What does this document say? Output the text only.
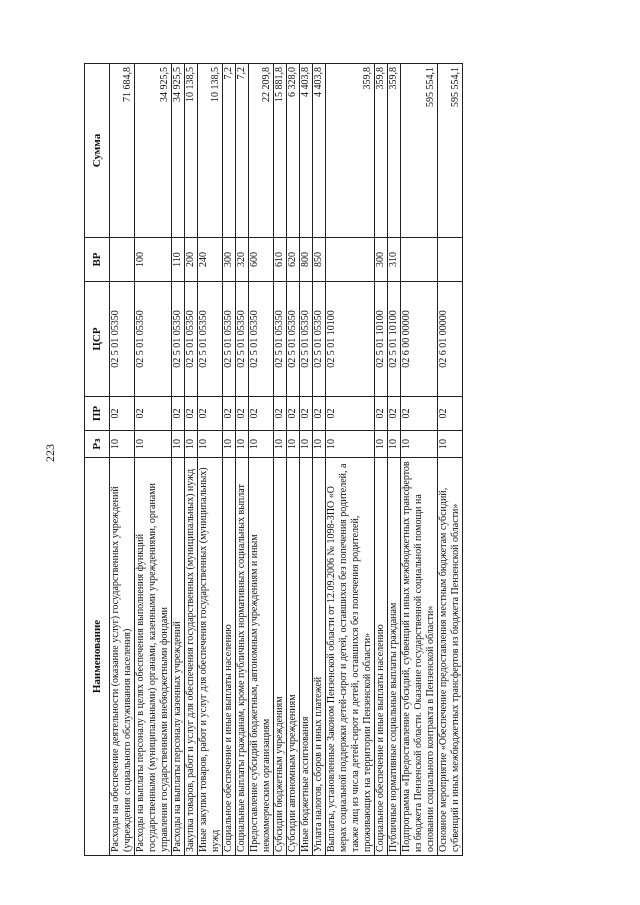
223
Наименование	Рз	ПР	ЦСР	ВР	Сумма
Расходы на обеспечение деятельности (оказание услуг) государственных учреждений (учреждения социального обслуживания населения)	10	02	02 5 01 05350		71 684,8
Расходы на выплаты персоналу в целях обеспечения выполнения функций государственными (муниципальными) органами, казенными учреждениями, органами управления государственными внебюджетными фондами	10	02	02 5 01 05350	100	34 925,5
Расходы на выплаты персоналу казенных учреждений	10	02	02 5 01 05350	110	34 925,5
Закупка товаров, работ и услуг для обеспечения государственных (муниципальных) нужд	10	02	02 5 01 05350	200	10 138,5
Иные закупки товаров, работ и услуг для обеспечения государственных (муниципальных) нужд	10	02	02 5 01 05350	240	10 138,5
Социальное обеспечение и иные выплаты населению	10	02	02 5 01 05350	300	7,2
Социальные выплаты гражданам, кроме публичных нормативных социальных выплат	10	02	02 5 01 05350	320	7,2
Предоставление субсидий бюджетным, автономным учреждениям и иным некоммерческим организациям	10	02	02 5 01 05350	600	22 209,8
Субсидии бюджетным учреждениям	10	02	02 5 01 05350	610	15 881,8
Субсидии автономным учреждениям	10	02	02 5 01 05350	620	6 328,0
Иные бюджетные ассигнования	10	02	02 5 01 05350	800	4 403,8
Уплата налогов, сборов и иных платежей	10	02	02 5 01 05350	850	4 403,8
Выплаты, установленные Законом Пензенской области от 12.09.2006 № 1098-ЗПО «О мерах социальной поддержки детей-сирот и детей, оставшихся без попечения родителей, а также лиц из числа детей-сирот и детей, оставшихся без попечения родителей, проживающих на территории Пензенской области»	10	02	02 5 01 10100		359,8
Социальное обеспечение и иные выплаты населению	10	02	02 5 01 10100	300	359,8
Публичные нормативные социальные выплаты гражданам	10	02	02 5 01 10100	310	359,8
Подпрограмма «Предоставление субсидий, субвенций и иных межбюджетных трансфертов из бюджета Пензенской области. Оказание государственной социальной помощи на основании социального контракта в Пензенской области»	10	02	02 6 00 00000		595 554,1
Основное мероприятие «Обеспечение предоставления местным бюджетам субсидий, субвенций и иных межбюджетных трансфертов из бюджета Пензенской области»	10	02	02 6 01 00000		595 554,1
